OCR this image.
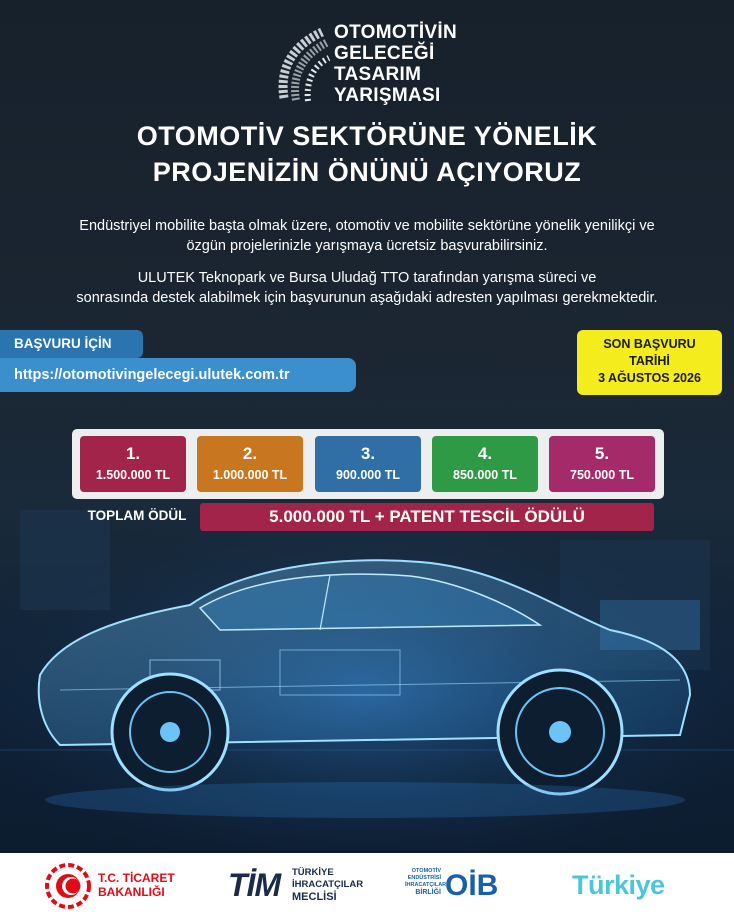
OTOMOTİVİN
GELECEĞİ
TASARIM
YARIŞMASI
OTOMOTİV SEKTÖRÜNE YÖNELİK
PROJENİZİN ÖNÜNÜ AÇIYORUZ
Endüstriyel mobilite başta olmak üzere, otomotiv ve mobilite sektörüne yönelik yenilikçi ve
özgün projelerinizle yarışmaya ücretsiz başvurabilirsiniz.
ULUTEK Teknopark ve Bursa Uludağ TTO tarafından yarışma süreci ve
sonrasında destek alabilmek için başvurunun aşağıdaki adresten yapılması gerekmektedir.
BAŞVURU İÇİN
https://otomotivingelecegi.ulutek.com.tr
SON BAŞVURU
TARİHİ
3 AĞUSTOS 2026
1.
1.500.000 TL
2.
1.000.000 TL
3.
900.000 TL
4.
850.000 TL
5.
750.000 TL
TOPLAM ÖDÜL	5.000.000 TL + PATENT TESCİL ÖDÜLÜ
T.C. TİCARET
BAKANLIĞI	TİM TÜRKİYE
İHRACATÇILAR
MECLİSİ
OTOMOTİV
ENDÜSTRİSİ
İHRACATÇILARI
BİRLİĞİ OİB	Türkiye
